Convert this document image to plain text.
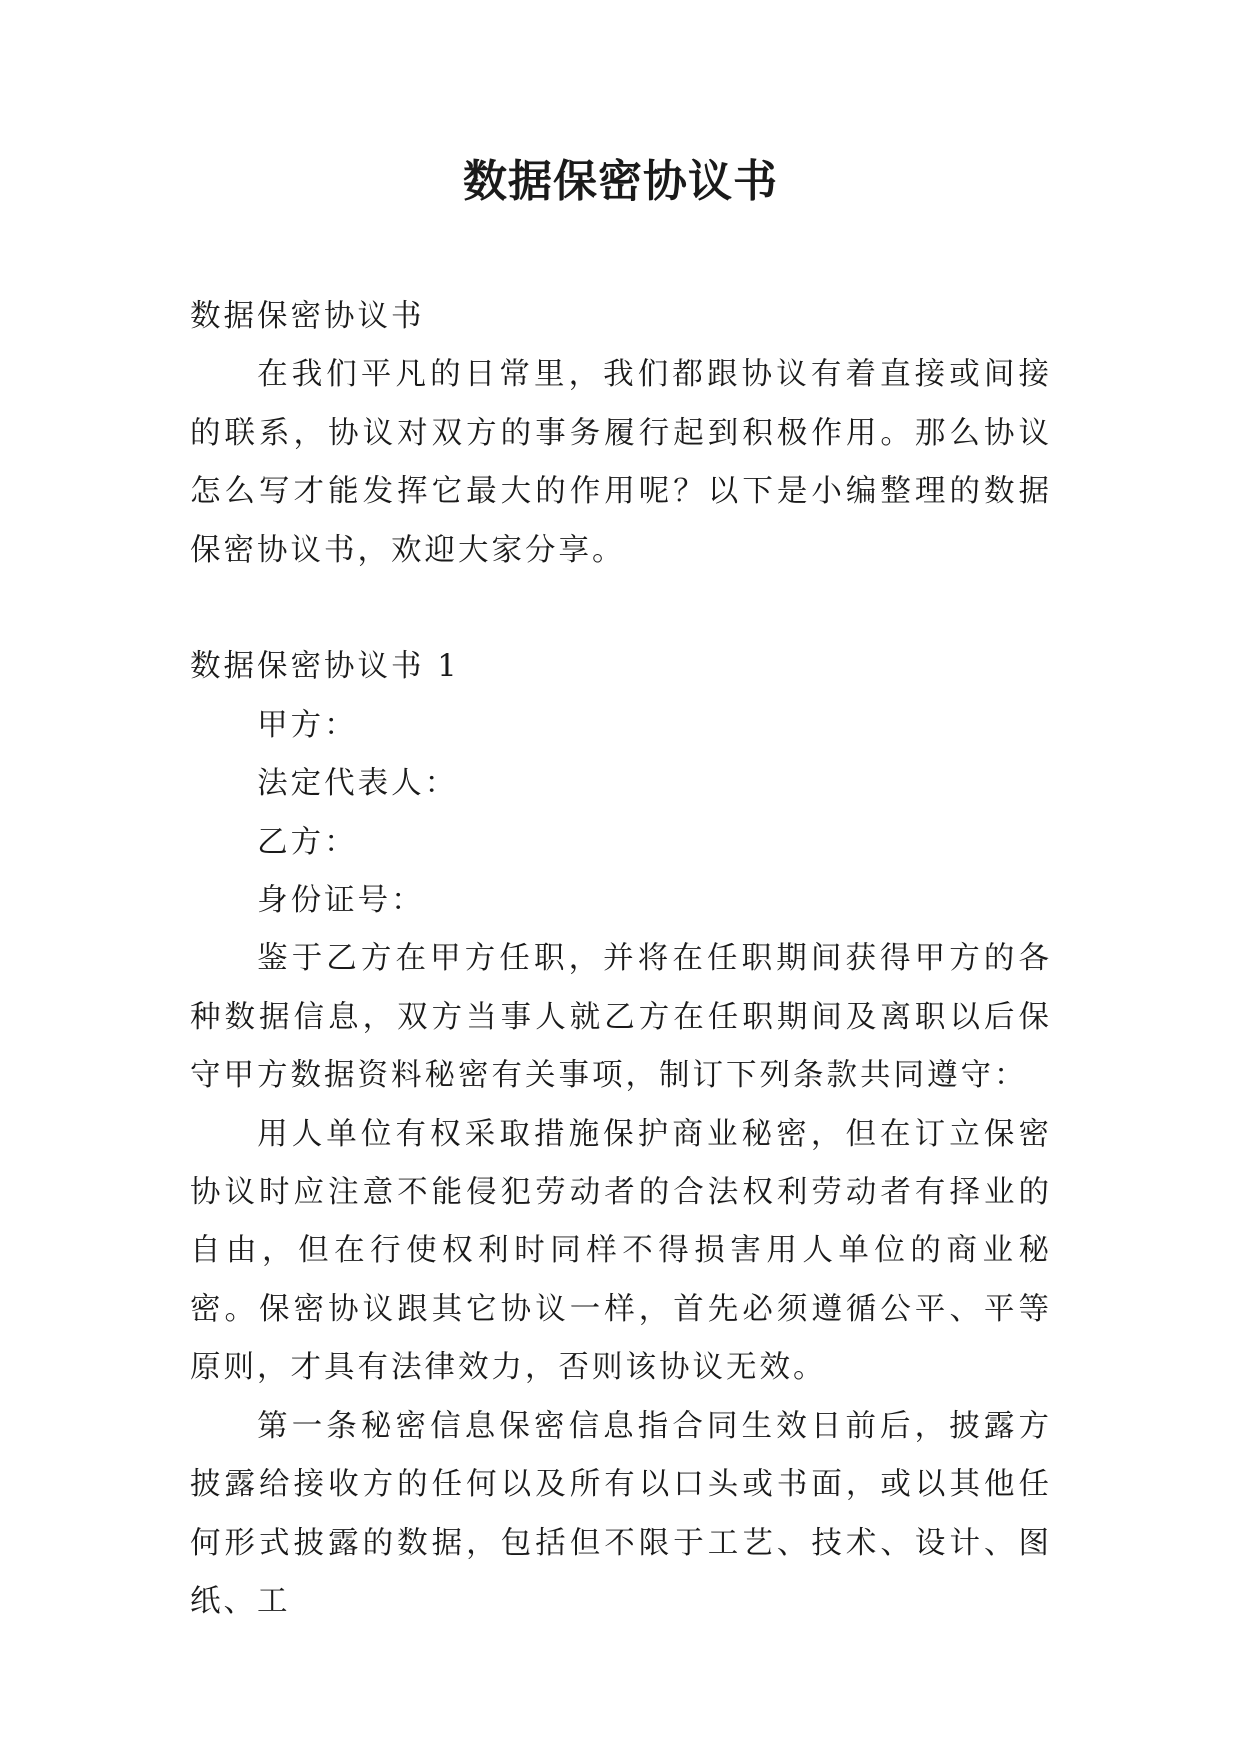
数据保密协议书

数据保密协议书

在我们平凡的日常里，我们都跟协议有着直接或间接的联系，协议对双方的事务履行起到积极作用。那么协议怎么写才能发挥它最大的作用呢？以下是小编整理的数据保密协议书，欢迎大家分享。

数据保密协议书 1

甲方：

法定代表人：

乙方：

身份证号：

鉴于乙方在甲方任职，并将在任职期间获得甲方的各种数据信息，双方当事人就乙方在任职期间及离职以后保守甲方数据资料秘密有关事项，制订下列条款共同遵守：

用人单位有权采取措施保护商业秘密，但在订立保密协议时应注意不能侵犯劳动者的合法权利劳动者有择业的自由，但在行使权利时同样不得损害用人单位的商业秘密。保密协议跟其它协议一样，首先必须遵循公平、平等原则，才具有法律效力，否则该协议无效。

第一条秘密信息保密信息指合同生效日前后，披露方披露给接收方的任何以及所有以口头或书面，或以其他任何形式披露的数据，包括但不限于工艺、技术、设计、图纸、工
